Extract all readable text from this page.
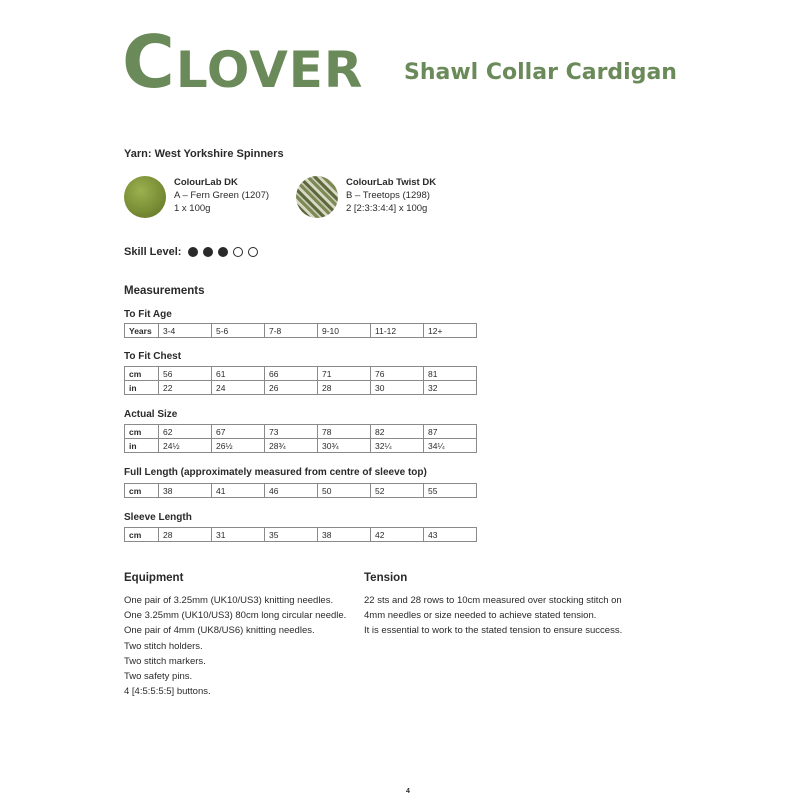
Clover Shawl Collar Cardigan
Yarn: West Yorkshire Spinners
ColourLab DK
A – Fern Green (1207)
1 x 100g
ColourLab Twist DK
B – Treetops (1298)
2 [2:3:3:4:4] x 100g
Skill Level:
Measurements
To Fit Age
Years	3-4	5-6	7-8	9-10	11-12	12+
To Fit Chest
cm	56	61	66	71	76	81
in	22	24	26	28	30	32
Actual Size
cm	62	67	73	78	82	87
in	24½	26½	28¾	30¾	32¼	34¼
Full Length (approximately measured from centre of sleeve top)
cm	38	41	46	50	52	55
Sleeve Length
cm	28	31	35	38	42	43
Equipment
One pair of 3.25mm (UK10/US3) knitting needles.
One 3.25mm (UK10/US3) 80cm long circular needle.
One pair of 4mm (UK8/US6) knitting needles.
Two stitch holders.
Two stitch markers.
Two safety pins.
4 [4:5:5:5:5] buttons.
Tension
22 sts and 28 rows to 10cm measured over stocking stitch on
4mm needles or size needed to achieve stated tension.
It is essential to work to the stated tension to ensure success.
4
